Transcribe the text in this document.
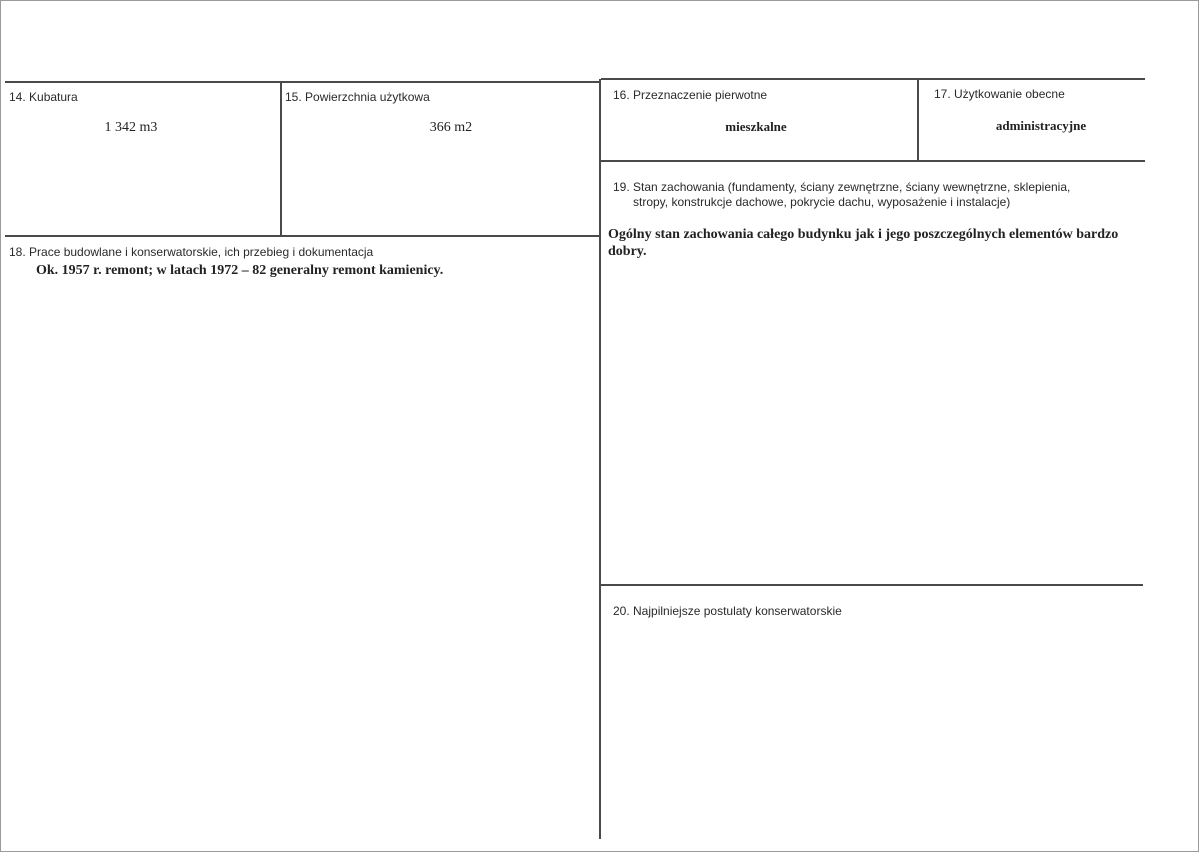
14. Kubatura
1 342 m3
15. Powierzchnia użytkowa
366 m2
16. Przeznaczenie pierwotne
mieszkalne
17. Użytkowanie obecne
administracyjne
18. Prace budowlane i konserwatorskie, ich przebieg i dokumentacja
Ok. 1957 r. remont; w latach 1972 – 82 generalny remont kamienicy.
19. Stan zachowania (fundamenty, ściany zewnętrzne, ściany wewnętrzne, sklepienia,
stropy, konstrukcje dachowe, pokrycie dachu, wyposażenie i instalacje)
Ogólny stan zachowania całego budynku jak i jego poszczególnych elementów bardzo
dobry.
20. Najpilniejsze postulaty konserwatorskie
